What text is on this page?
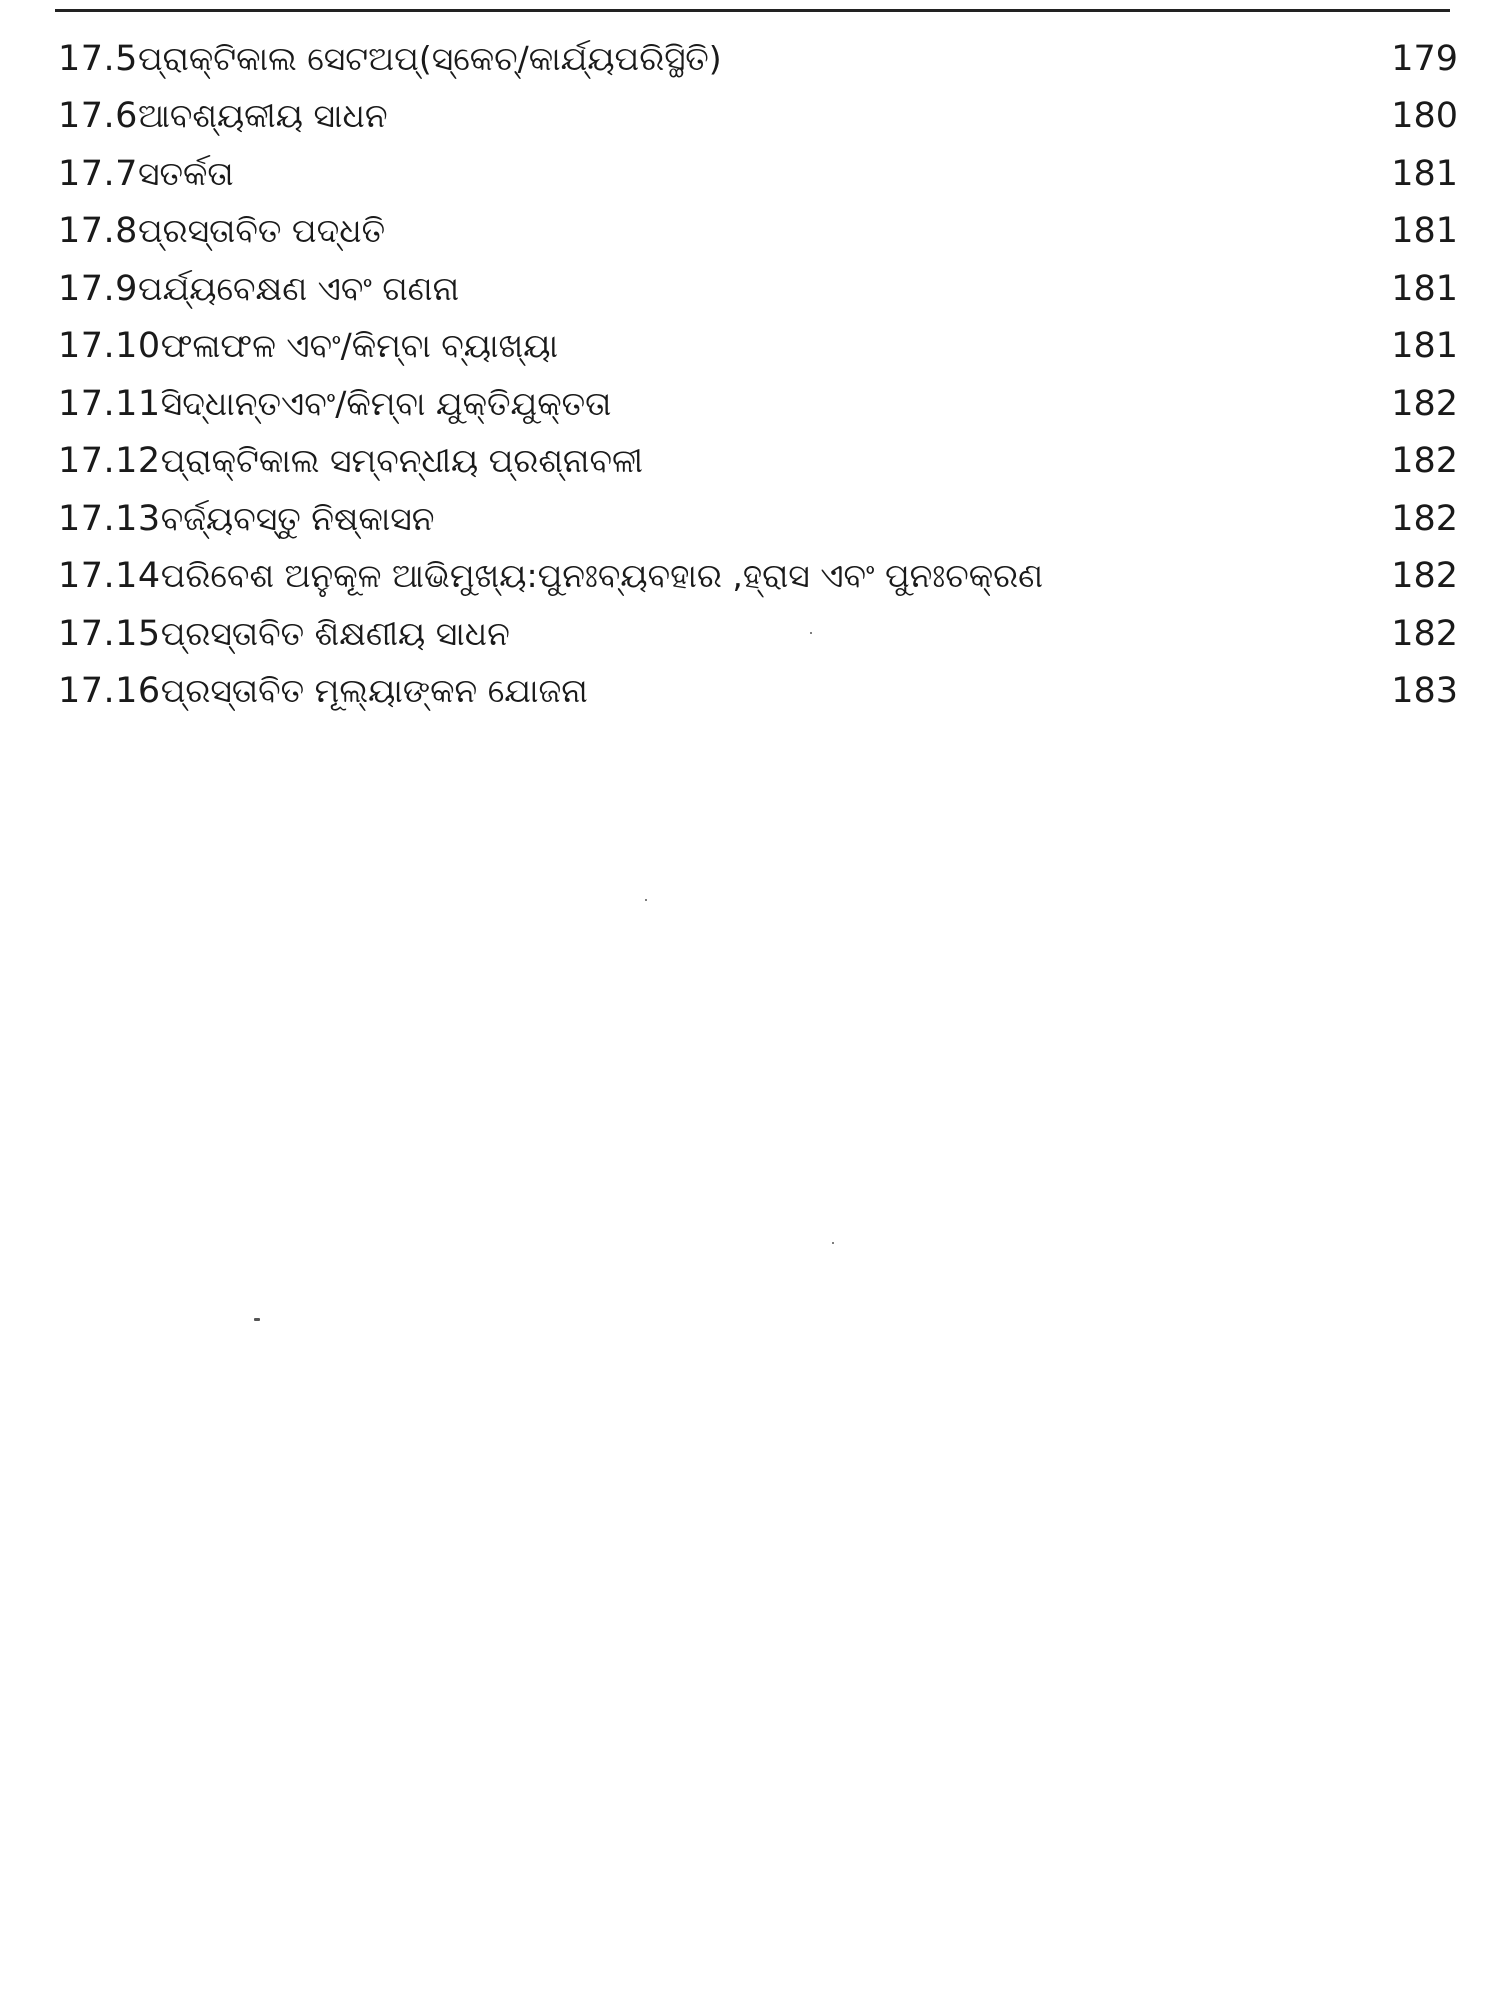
17.5 ପ୍ରାକ୍ଟିକାଲ ସେଟଅପ୍(ସ୍କେଚ୍/କାର୍ଯ୍ୟପରିସ୍ଥିତି)	179
17.6 ଆବଶ୍ୟକୀୟ ସାଧନ	180
17.7 ସତର୍କତା	181
17.8 ପ୍ରସ୍ତାବିତ ପଦ୍ଧତି	181
17.9 ପର୍ଯ୍ୟବେକ୍ଷଣ ଏବଂ ଗଣନା	181
17.10 ଫଳାଫଳ ଏବଂ/କିମ୍ବା ବ୍ୟାଖ୍ୟା	181
17.11 ସିଦ୍ଧାନ୍ତଏବଂ/କିମ୍ବା ଯୁକ୍ତିଯୁକ୍ତତା	182
17.12 ପ୍ରାକ୍ଟିକାଲ ସମ୍ବନ୍ଧୀୟ ପ୍ରଶ୍ନାବଳୀ	182
17.13 ବର୍ଜ୍ୟବସ୍ତୁ ନିଷ୍କାସନ	182
17.14 ପରିବେଶ ଅନୁକୂଳ ଆଭିମୁଖ୍ୟ:ପୁନଃବ୍ୟବହାର ,ହ୍ରାସ ଏବଂ ପୁନଃଚକ୍ରଣ	182
17.15 ପ୍ରସ୍ତାବିତ ଶିକ୍ଷଣୀୟ ସାଧନ	182
17.16 ପ୍ରସ୍ତାବିତ ମୂଲ୍ୟାଙ୍କନ ଯୋଜନା	183
